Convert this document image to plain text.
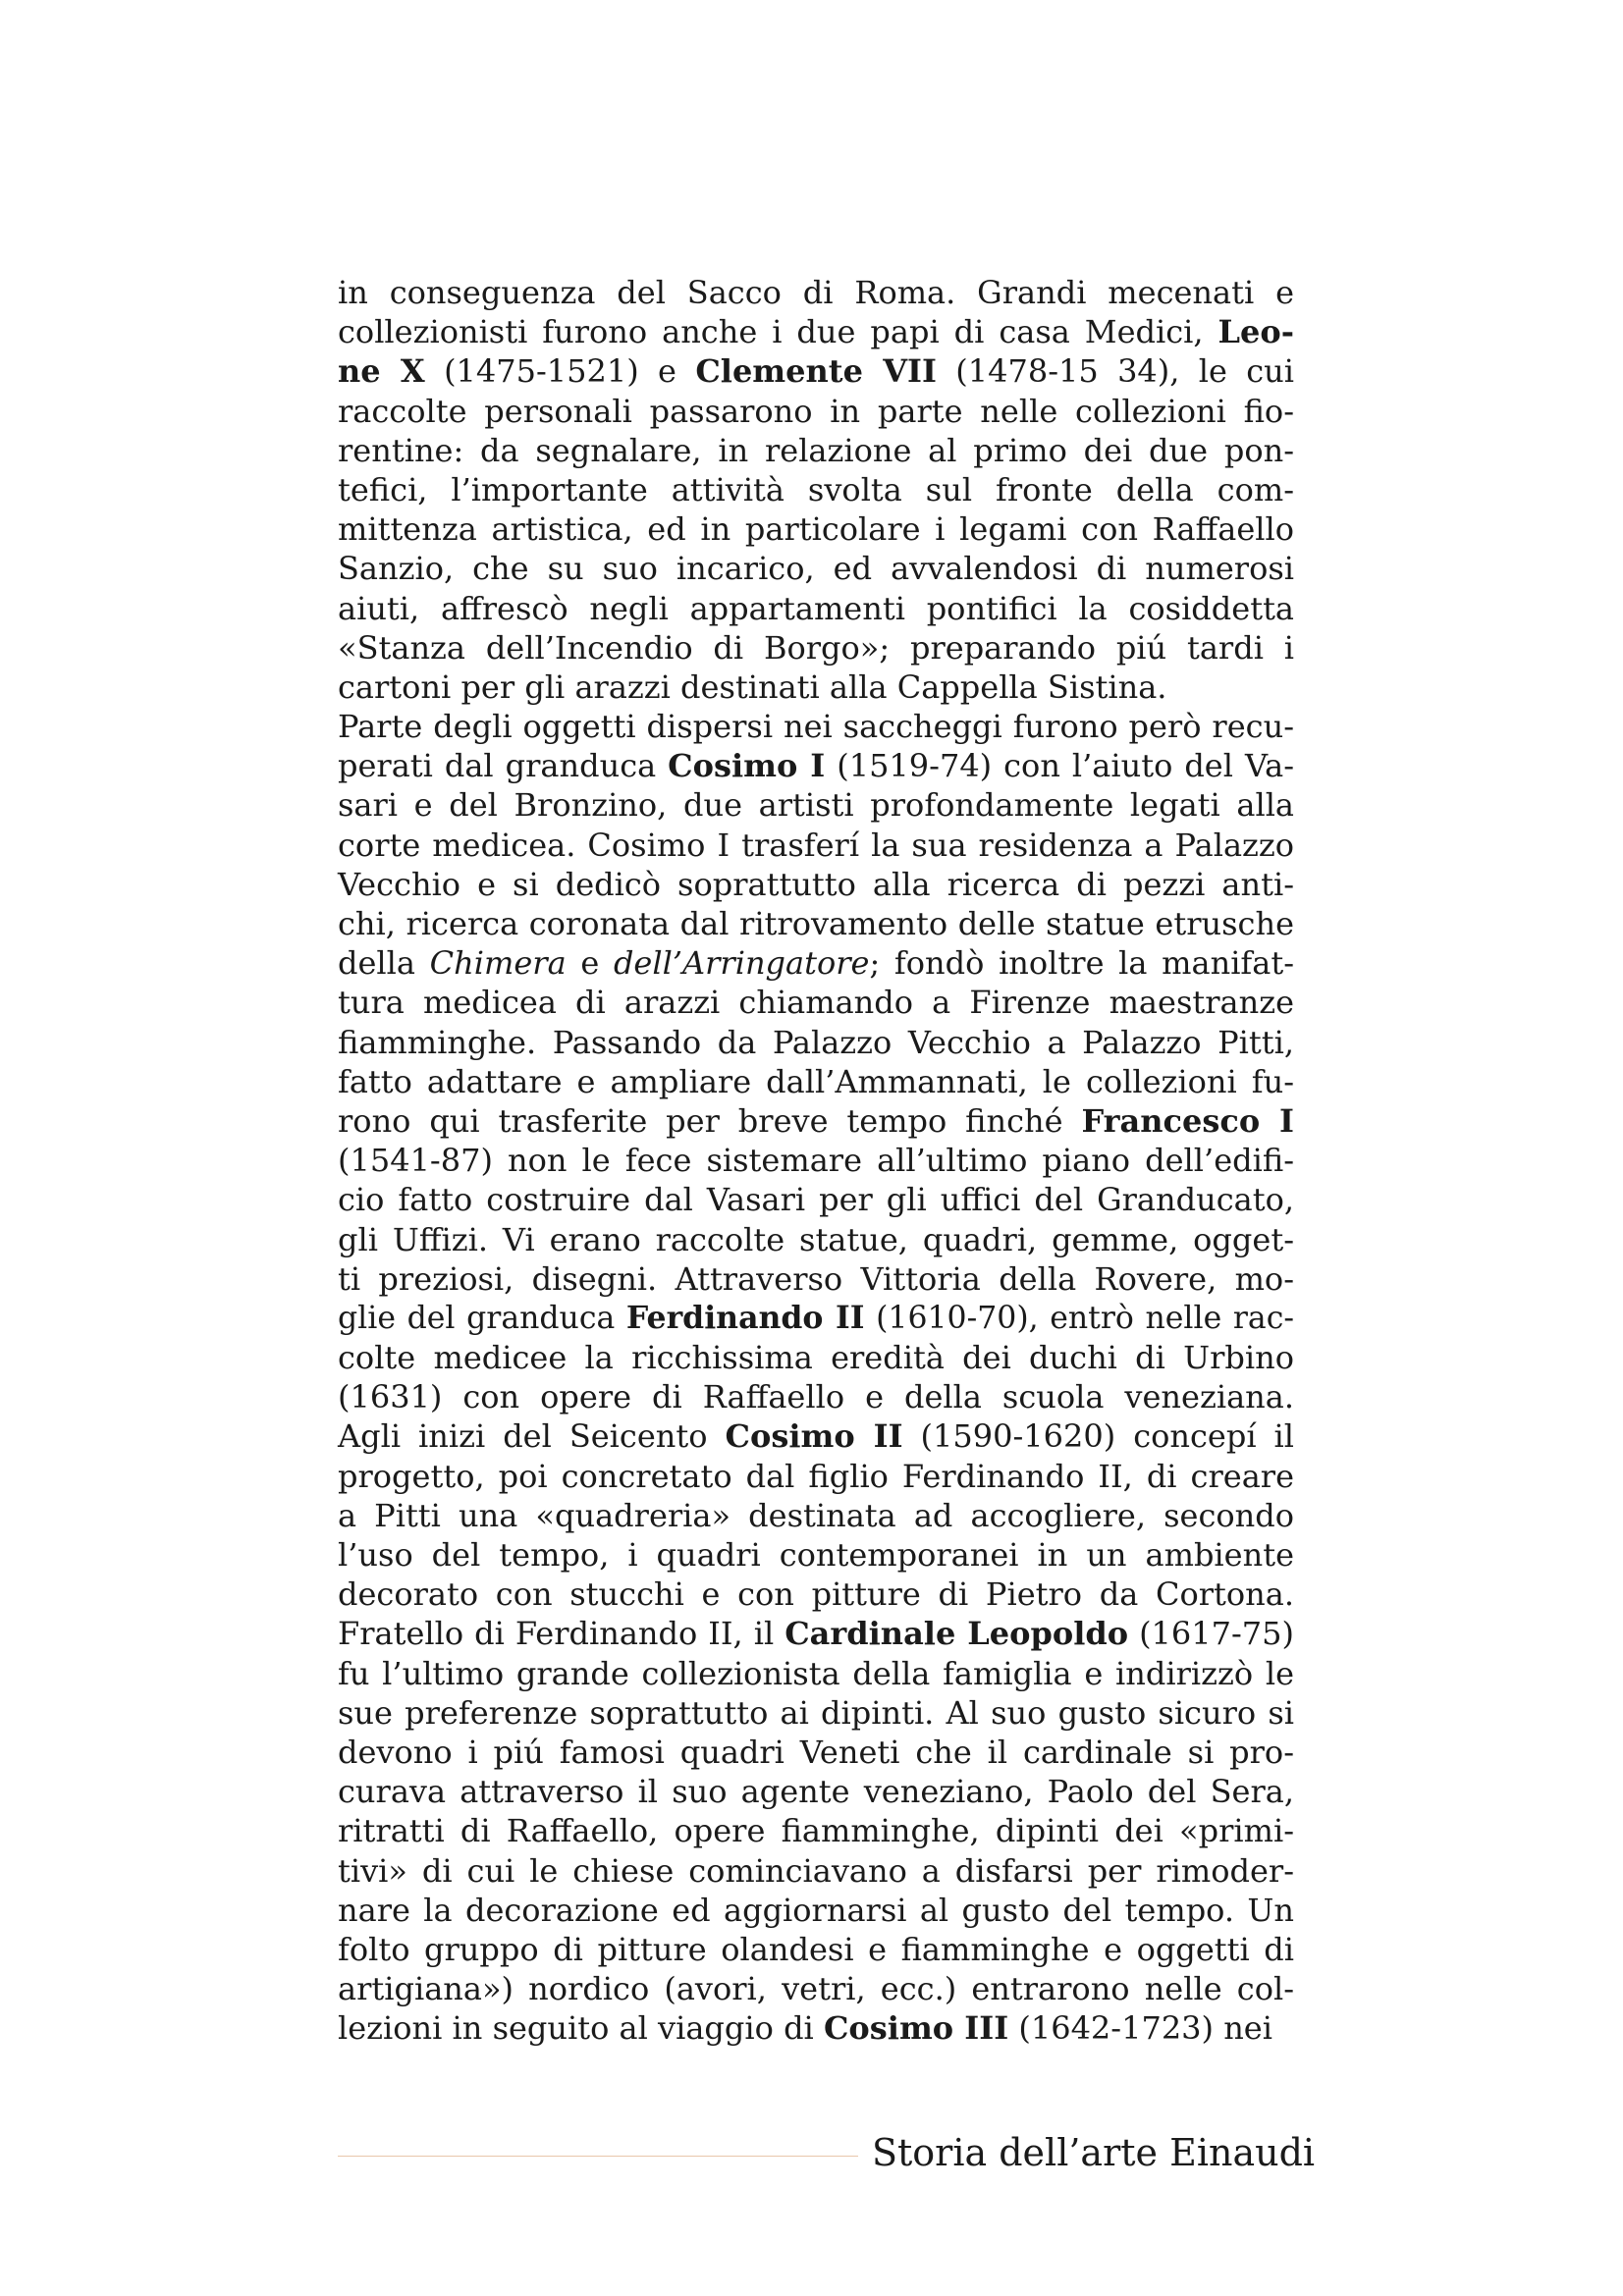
in conseguenza del Sacco di Roma. Grandi mecenati e
collezionisti furono anche i due papi di casa Medici, Leo-
ne X (1475-1521) e Clemente VII (1478-15 34), le cui
raccolte personali passarono in parte nelle collezioni fio-
rentine: da segnalare, in relazione al primo dei due pon-
tefici, l’importante attività svolta sul fronte della com-
mittenza artistica, ed in particolare i legami con Raffaello
Sanzio, che su suo incarico, ed avvalendosi di numerosi
aiuti, affrescò negli appartamenti pontifici la cosiddetta
«Stanza dell’Incendio di Borgo»; preparando piú tardi i
cartoni per gli arazzi destinati alla Cappella Sistina.
Parte degli oggetti dispersi nei saccheggi furono però recu-
perati dal granduca Cosimo I (1519-74) con l’aiuto del Va-
sari e del Bronzino, due artisti profondamente legati alla
corte medicea. Cosimo I trasferí la sua residenza a Palazzo
Vecchio e si dedicò soprattutto alla ricerca di pezzi anti-
chi, ricerca coronata dal ritrovamento delle statue etrusche
della Chimera e dell’Arringatore; fondò inoltre la manifat-
tura medicea di arazzi chiamando a Firenze maestranze
fiamminghe. Passando da Palazzo Vecchio a Palazzo Pitti,
fatto adattare e ampliare dall’Ammannati, le collezioni fu-
rono qui trasferite per breve tempo finché Francesco I
(1541-87) non le fece sistemare all’ultimo piano dell’edifi-
cio fatto costruire dal Vasari per gli uffici del Granducato,
gli Uffizi. Vi erano raccolte statue, quadri, gemme, ogget-
ti preziosi, disegni. Attraverso Vittoria della Rovere, mo-
glie del granduca Ferdinando II (1610-70), entrò nelle rac-
colte medicee la ricchissima eredità dei duchi di Urbino
(1631) con opere di Raffaello e della scuola veneziana.
Agli inizi del Seicento Cosimo II (1590-1620) concepí il
progetto, poi concretato dal figlio Ferdinando II, di creare
a Pitti una «quadreria» destinata ad accogliere, secondo
l’uso del tempo, i quadri contemporanei in un ambiente
decorato con stucchi e con pitture di Pietro da Cortona.
Fratello di Ferdinando II, il Cardinale Leopoldo (1617-75)
fu l’ultimo grande collezionista della famiglia e indirizzò le
sue preferenze soprattutto ai dipinti. Al suo gusto sicuro si
devono i piú famosi quadri Veneti che il cardinale si pro-
curava attraverso il suo agente veneziano, Paolo del Sera,
ritratti di Raffaello, opere fiamminghe, dipinti dei «primi-
tivi» di cui le chiese cominciavano a disfarsi per rimoder-
nare la decorazione ed aggiornarsi al gusto del tempo. Un
folto gruppo di pitture olandesi e fiamminghe e oggetti di
artigiana») nordico (avori, vetri, ecc.) entrarono nelle col-
lezioni in seguito al viaggio di Cosimo III (1642-1723) nei
Storia dell’arte Einaudi
